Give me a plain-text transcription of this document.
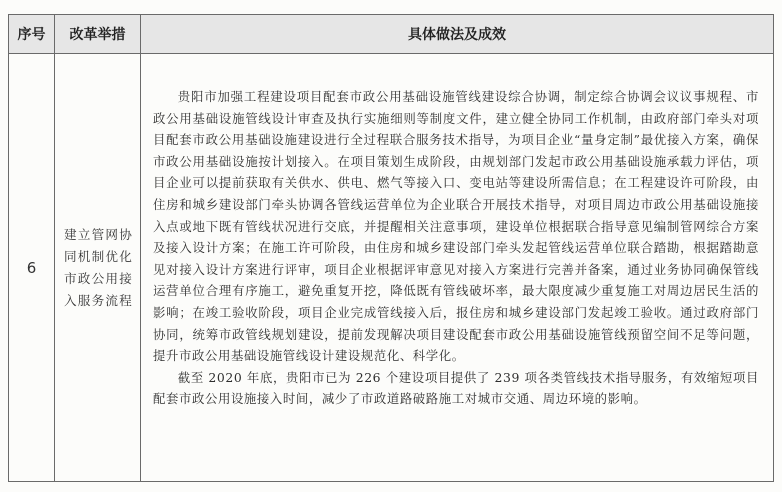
序号	改革举措	具体做法及成效
6	建立管网协同机制优化市政公用接入服务流程	贵阳市加强工程建设项目配套市政公用基础设施管线建设综合协调，制定综合协调会议议事规程、市政公用基础设施管线设计审查及执行实施细则等制度文件，建立健全协同工作机制，由政府部门牵头对项目配套市政公用基础设施建设进行全过程联合服务技术指导，为项目企业“量身定制”最优接入方案，确保市政公用基础设施按计划接入。在项目策划生成阶段，由规划部门发起市政公用基础设施承载力评估，项目企业可以提前获取有关供水、供电、燃气等接入口、变电站等建设所需信息；在工程建设许可阶段，由住房和城乡建设部门牵头协调各管线运营单位为企业联合开展技术指导，对项目周边市政公用基础设施接入点或地下既有管线状况进行交底，并提醒相关注意事项，建设单位根据联合指导意见编制管网综合方案及接入设计方案；在施工许可阶段，由住房和城乡建设部门牵头发起管线运营单位联合踏勘，根据踏勘意见对接入设计方案进行评审，项目企业根据评审意见对接入方案进行完善并备案，通过业务协同确保管线运营单位合理有序施工，避免重复开挖，降低既有管线破坏率，最大限度减少重复施工对周边居民生活的影响；在竣工验收阶段，项目企业完成管线接入后，报住房和城乡建设部门发起竣工验收。通过政府部门协同，统筹市政管线规划建设，提前发现解决项目建设配套市政公用基础设施管线预留空间不足等问题，提升市政公用基础设施管线设计建设规范化、科学化。

截至 2020 年底，贵阳市已为 226 个建设项目提供了 239 项各类管线技术指导服务，有效缩短项目配套市政公用设施接入时间，减少了市政道路破路施工对城市交通、周边环境的影响。
